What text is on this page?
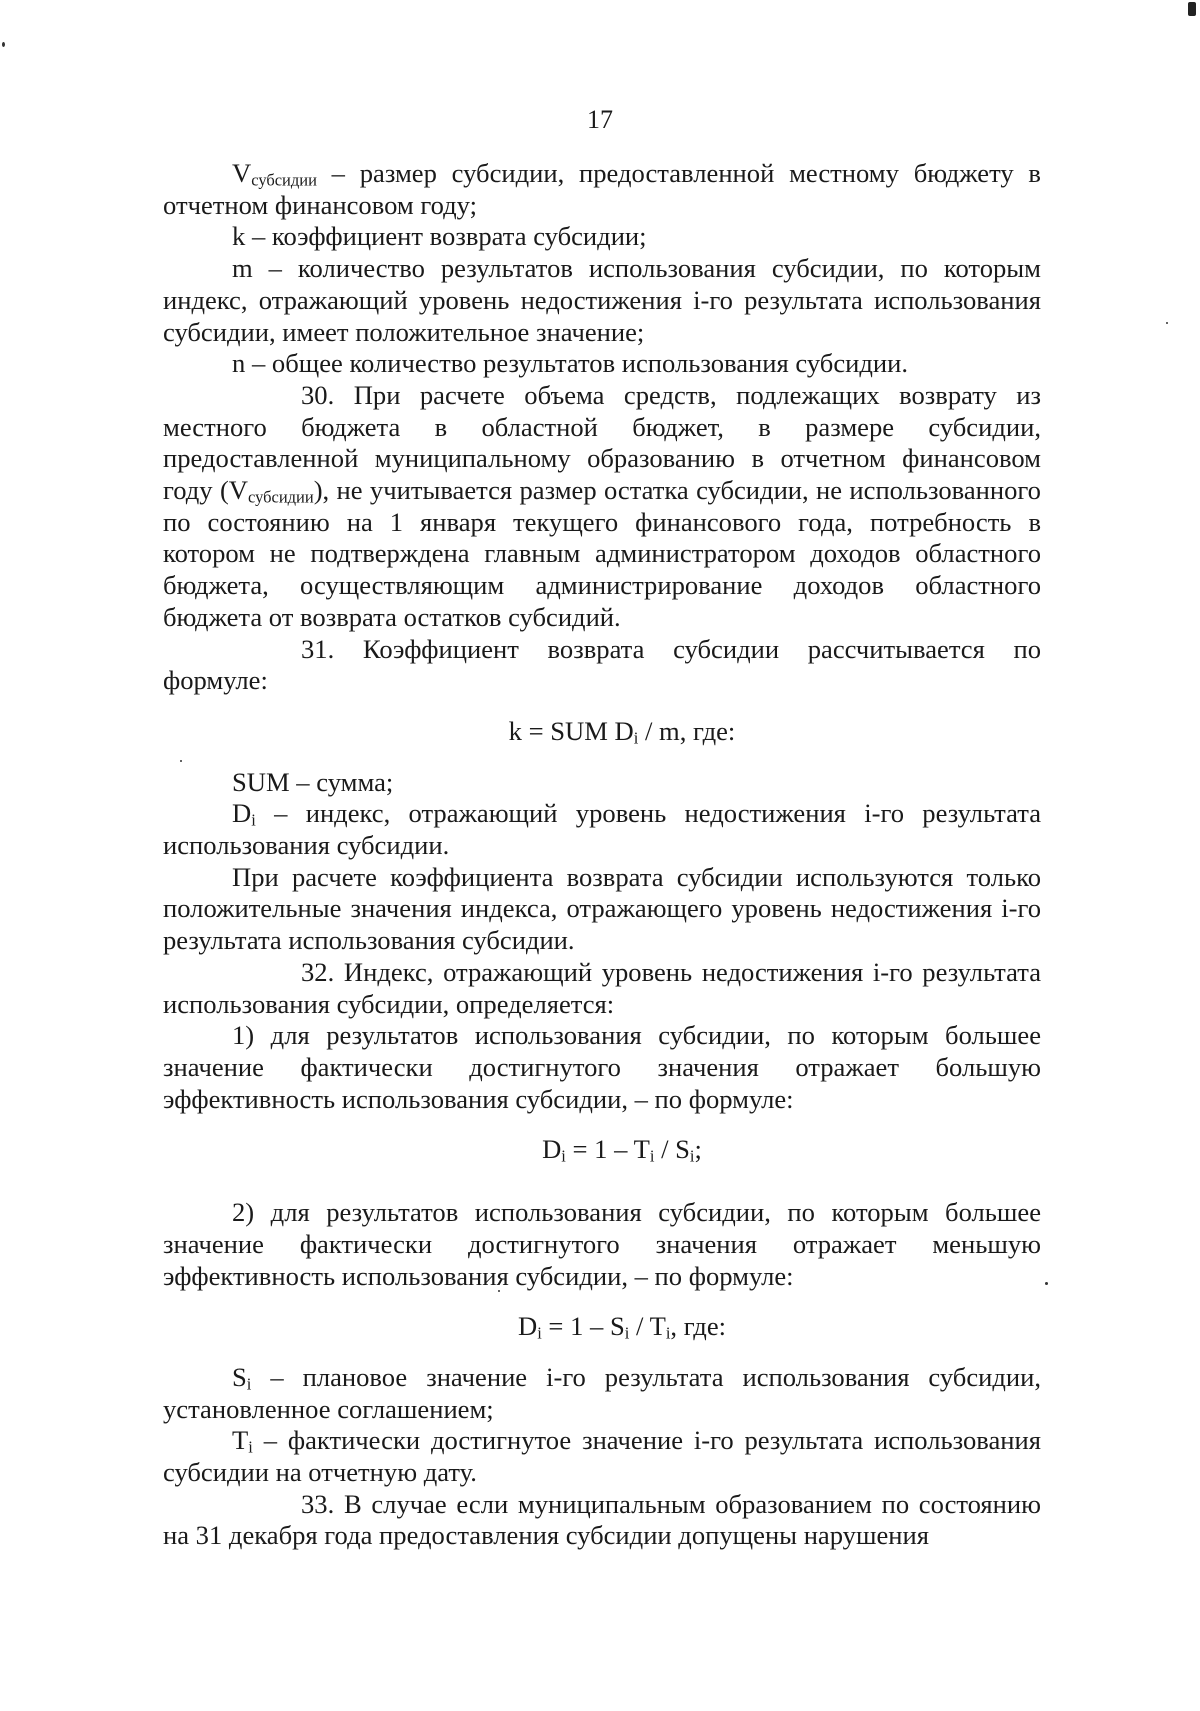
17

$V_{субсидии}$ – размер субсидии, предоставленной местному бюджету в отчетном финансовом году;

k – коэффициент возврата субсидии;

m – количество результатов использования субсидии, по которым индекс, отражающий уровень недостижения i-го результата использования субсидии, имеет положительное значение;

n – общее количество результатов использования субсидии.

30. При расчете объема средств, подлежащих возврату из местного бюджета в областной бюджет, в размере субсидии, предоставленной муниципальному образованию в отчетном финансовом году $(V_{субсидии})$, не учитывается размер остатка субсидии, не использованного по состоянию на 1 января текущего финансового года, потребность в котором не подтверждена главным администратором доходов областного бюджета, осуществляющим администрирование доходов областного бюджета от возврата остатков субсидий.

31. Коэффициент возврата субсидии рассчитывается по формуле:

k = SUM $D_i$ / m, где:

SUM – сумма;

$D_i$ – индекс, отражающий уровень недостижения i-го результата использования субсидии.

При расчете коэффициента возврата субсидии используются только положительные значения индекса, отражающего уровень недостижения i-го результата использования субсидии.

32. Индекс, отражающий уровень недостижения i-го результата использования субсидии, определяется:

1) для результатов использования субсидии, по которым большее значение фактически достигнутого значения отражает большую эффективность использования субсидии, – по формуле:

$D_i = 1 - T_i / S_i$;

2) для результатов использования субсидии, по которым большее значение фактически достигнутого значения отражает меньшую эффективность использования субсидии, – по формуле:

$D_i = 1 - S_i / T_i$, где:

$S_i$ – плановое значение i-го результата использования субсидии, установленное соглашением;

$T_i$ – фактически достигнутое значение i-го результата использования субсидии на отчетную дату.

33. В случае если муниципальным образованием по состоянию на 31 декабря года предоставления субсидии допущены нарушения
